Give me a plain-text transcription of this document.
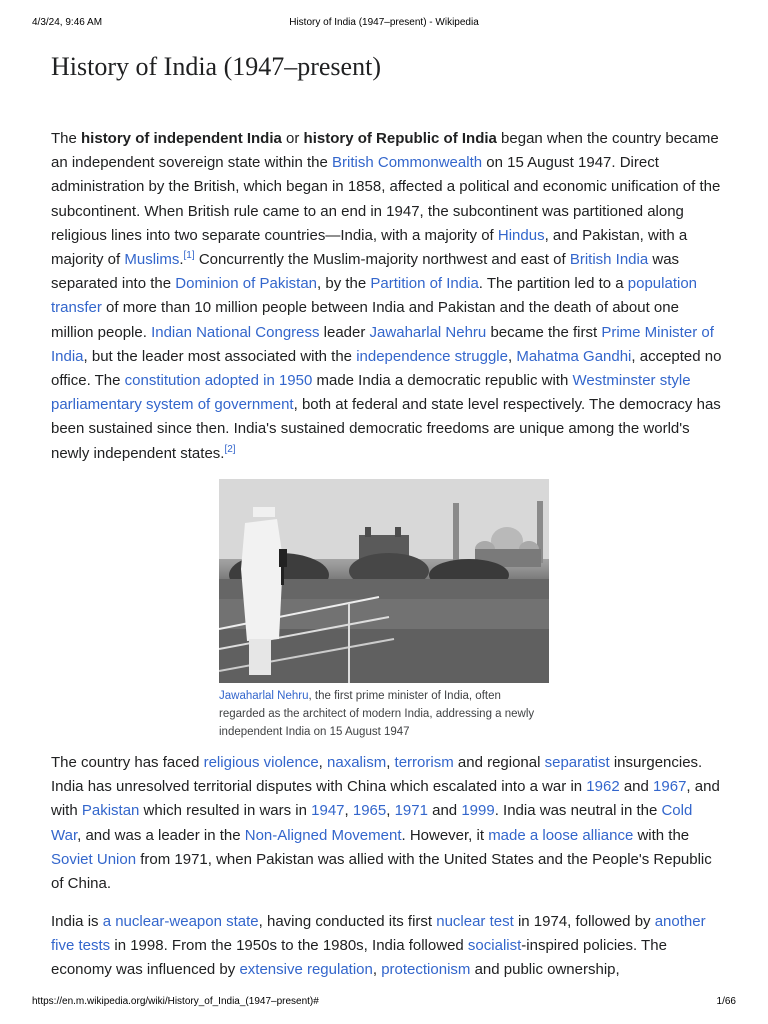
4/3/24, 9:46 AM	History of India (1947–present) - Wikipedia
History of India (1947–present)

The history of independent India or history of Republic of India began when the country became an independent sovereign state within the British Commonwealth on 15 August 1947. Direct administration by the British, which began in 1858, affected a political and economic unification of the subcontinent. When British rule came to an end in 1947, the subcontinent was partitioned along religious lines into two separate countries—India, with a majority of Hindus, and Pakistan, with a majority of Muslims.[1] Concurrently the Muslim-majority northwest and east of British India was separated into the Dominion of Pakistan, by the Partition of India. The partition led to a population transfer of more than 10 million people between India and Pakistan and the death of about one million people. Indian National Congress leader Jawaharlal Nehru became the first Prime Minister of India, but the leader most associated with the independence struggle, Mahatma Gandhi, accepted no office. The constitution adopted in 1950 made India a democratic republic with Westminster style parliamentary system of government, both at federal and state level respectively. The democracy has been sustained since then. India's sustained democratic freedoms are unique among the world's newly independent states.[2]

Jawaharlal Nehru, the first prime minister of India, often regarded as the architect of modern India, addressing a newly independent India on 15 August 1947

The country has faced religious violence, naxalism, terrorism and regional separatist insurgencies. India has unresolved territorial disputes with China which escalated into a war in 1962 and 1967, and with Pakistan which resulted in wars in 1947, 1965, 1971 and 1999. India was neutral in the Cold War, and was a leader in the Non-Aligned Movement. However, it made a loose alliance with the Soviet Union from 1971, when Pakistan was allied with the United States and the People's Republic of China.

India is a nuclear-weapon state, having conducted its first nuclear test in 1974, followed by another five tests in 1998. From the 1950s to the 1980s, India followed socialist-inspired policies. The economy was influenced by extensive regulation, protectionism and public ownership,

https://en.m.wikipedia.org/wiki/History_of_India_(1947–present)#	1/66
